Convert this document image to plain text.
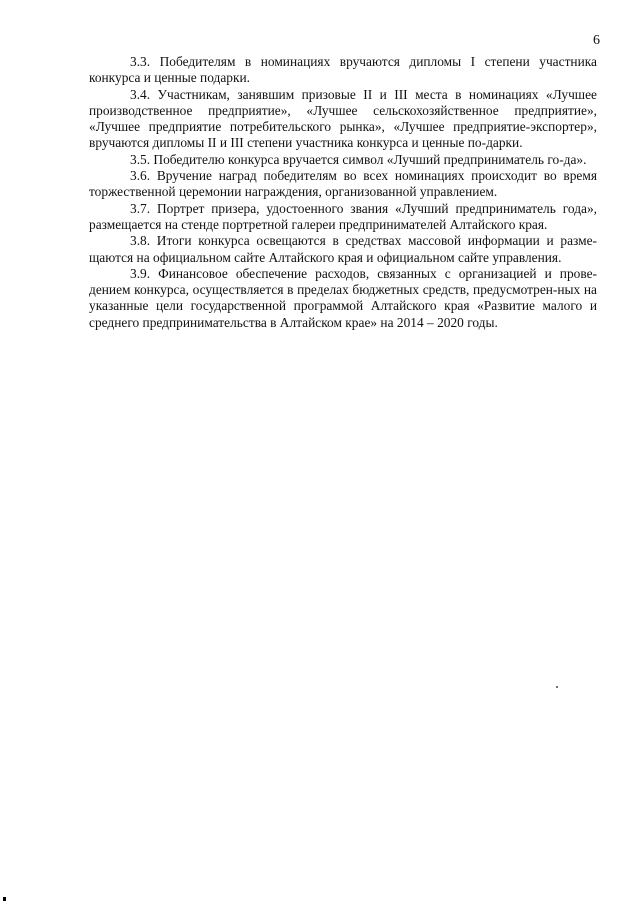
6

3.3. Победителям в номинациях вручаются дипломы I степени участника конкурса и ценные подарки.

3.4. Участникам, занявшим призовые II и III места в номинациях «Лучшее производственное предприятие», «Лучшее сельскохозяйственное предприятие», «Лучшее предприятие потребительского рынка», «Лучшее предприятие-экспортер», вручаются дипломы II и III степени участника конкурса и ценные по-дарки.

3.5. Победителю конкурса вручается символ «Лучший предприниматель го-да».

3.6. Вручение наград победителям во всех номинациях происходит во время торжественной церемонии награждения, организованной управлением.

3.7. Портрет призера, удостоенного звания «Лучший предприниматель года», размещается на стенде портретной галереи предпринимателей Алтайского края.

3.8. Итоги конкурса освещаются в средствах массовой информации и разме-щаются на официальном сайте Алтайского края и официальном сайте управления.

3.9. Финансовое обеспечение расходов, связанных с организацией и прове-дением конкурса, осуществляется в пределах бюджетных средств, предусмотрен-ных на указанные цели государственной программой Алтайского края «Развитие малого и среднего предпринимательства в Алтайском крае» на 2014 – 2020 годы.
